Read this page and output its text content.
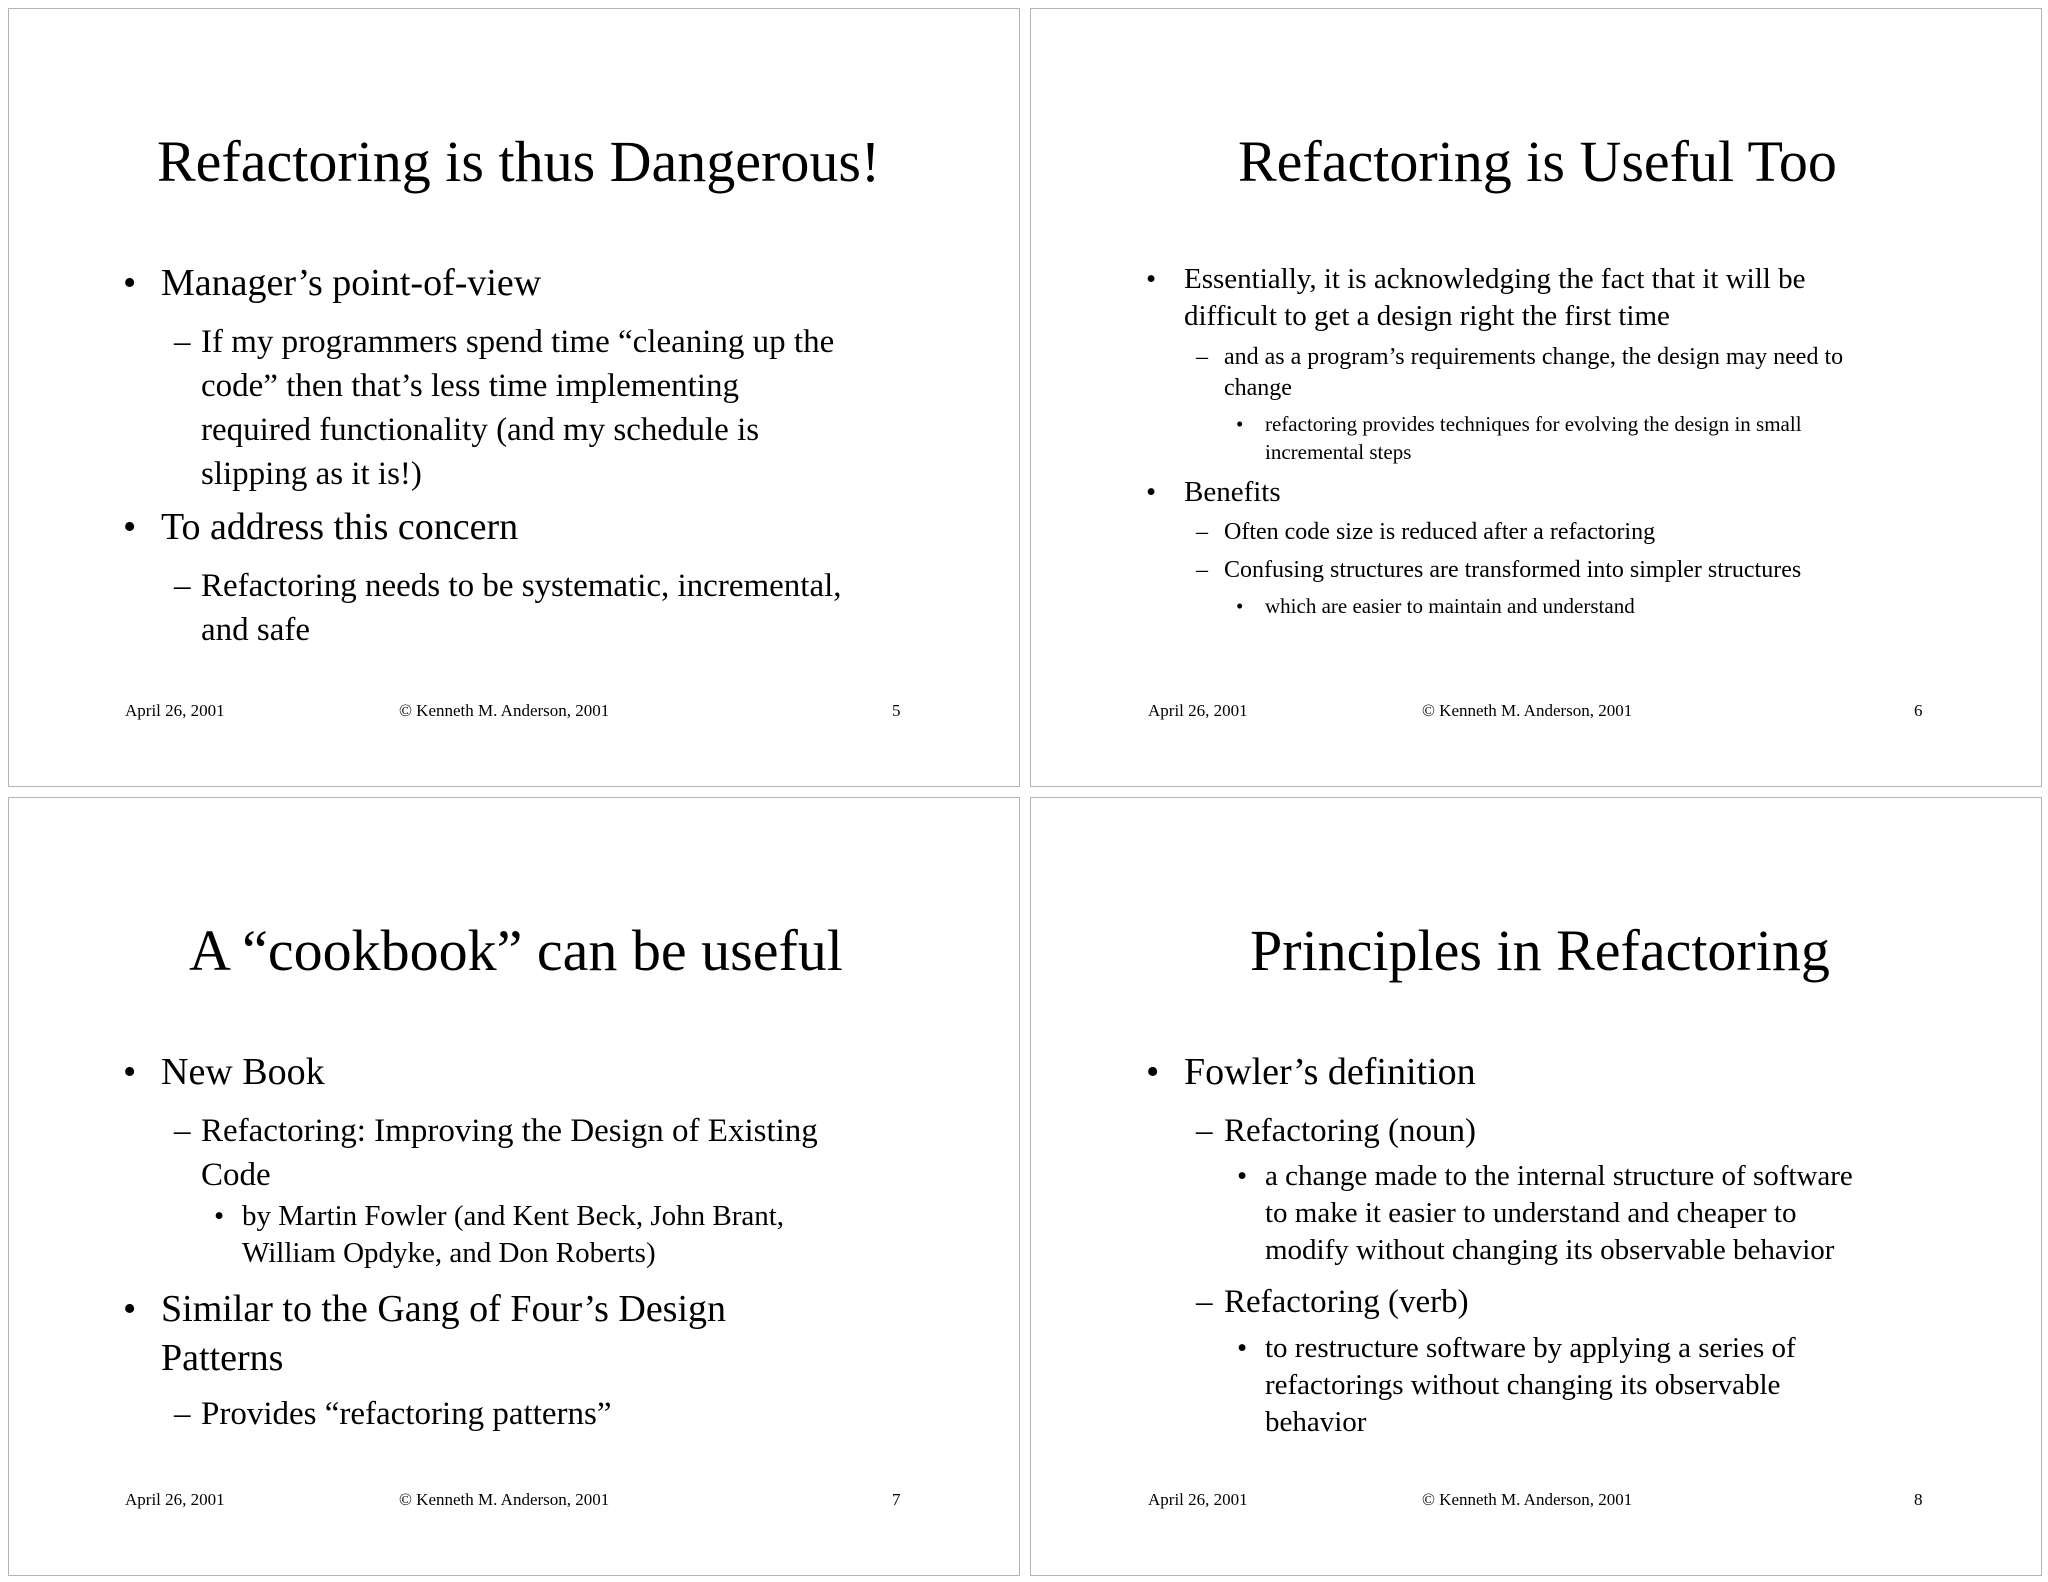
Refactoring is thus Dangerous!
• Manager’s point-of-view
– If my programmers spend time “cleaning up the
code” then that’s less time implementing
required functionality (and my schedule is
slipping as it is!)
• To address this concern
– Refactoring needs to be systematic, incremental,
and safe
April 26, 2001	© Kenneth M. Anderson, 2001	5
Refactoring is Useful Too
• Essentially, it is acknowledging the fact that it will be
difficult to get a design right the first time
– and as a program’s requirements change, the design may need to
change
• refactoring provides techniques for evolving the design in small
incremental steps
• Benefits
– Often code size is reduced after a refactoring
– Confusing structures are transformed into simpler structures
• which are easier to maintain and understand
April 26, 2001	© Kenneth M. Anderson, 2001	6
A “cookbook” can be useful
• New Book
– Refactoring: Improving the Design of Existing
Code
• by Martin Fowler (and Kent Beck, John Brant,
William Opdyke, and Don Roberts)
• Similar to the Gang of Four’s Design
Patterns
– Provides “refactoring patterns”
April 26, 2001	© Kenneth M. Anderson, 2001	7
Principles in Refactoring
• Fowler’s definition
– Refactoring (noun)
• a change made to the internal structure of software
to make it easier to understand and cheaper to
modify without changing its observable behavior
– Refactoring (verb)
• to restructure software by applying a series of
refactorings without changing its observable
behavior
April 26, 2001	© Kenneth M. Anderson, 2001	8
